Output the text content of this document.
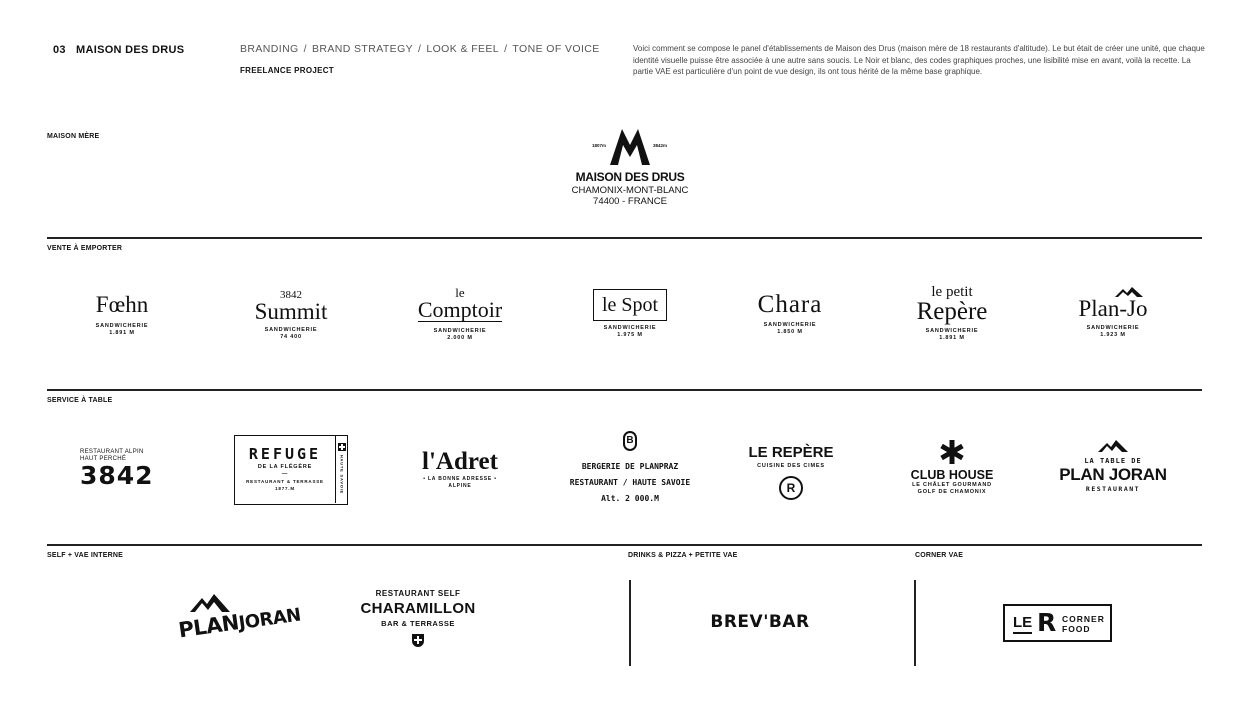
03 MAISON DES DRUS	BRANDING / BRAND STRATEGY / LOOK & FEEL / TONE OF VOICE
FREELANCE PROJECT
Voici comment se compose le panel d'établissements de Maison des Drus (maison mère de 18 restaurants d'altitude). Le but était de créer une unité, que chaque identité visuelle puisse être associée à une autre sans soucis. Le Noir et blanc, des codes graphiques proches, une lisibilité mise en avant, voilà la recette. La partie VAE est particulière d'un point de vue design, ils ont tous hérité de la même base graphique.
MAISON MÈRE
1807m	3842m
MAISON DES DRUS
CHAMONIX-MONT-BLANC
74400 - FRANCE
VENTE À EMPORTER
Fœhn
SANDWICHERIE
1.891 M
3842
Summit
SANDWICHERIE
74 400
le
Comptoir
SANDWICHERIE
2.000 M
le Spot
SANDWICHERIE
1.975 M
Chara
SANDWICHERIE
1.850 M
le petit
Repère
SANDWICHERIE
1.891 M
Plan-Jo
SANDWICHERIE
1.923 M
SERVICE À TABLE
RESTAURANT ALPIN
HAUT PERCHÉ
3842
REFUGE
DE LA FLÉGÈRE
—
RESTAURANT & TERRASSE
1877.M	HAUTE SAVOIE	l'Adret
• LA BONNE ADRESSE •
ALPINE
B
BERGERIE DE PLANPRAZ
RESTAURANT / HAUTE SAVOIE
Alt. 2 000.M
LE REPÈRE
CUISINE DES CIMES
R
CLUB HOUSE
LE CHÂLET GOURMAND
GOLF DE CHAMONIX
LA TABLE DE
PLAN JORAN
RESTAURANT
SELF + VAE INTERNE	DRINKS & PIZZA + PETITE VAE	CORNER VAE
PLANJORAN
RESTAURANT SELF
CHARAMILLON
BAR & TERRASSE	BREV'BAR	LE R CORNER
FOOD
